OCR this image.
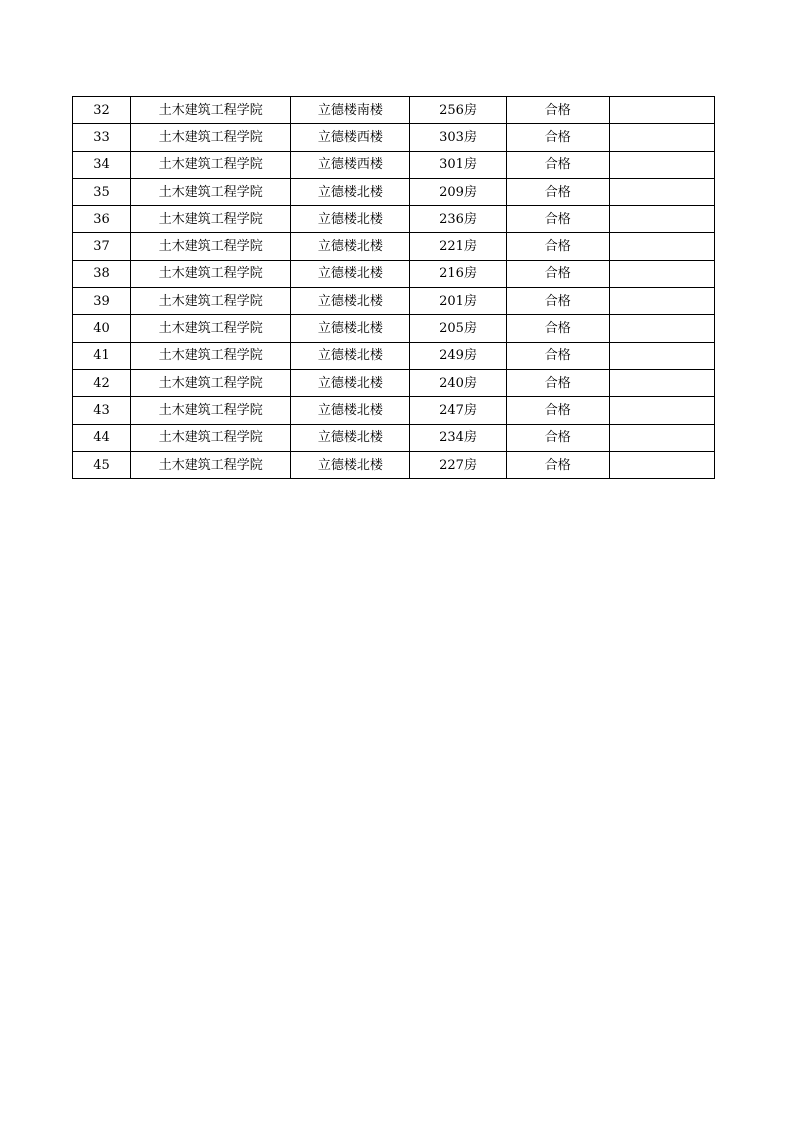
32	土木建筑工程学院	立德楼南楼	256房	合格	
33	土木建筑工程学院	立德楼西楼	303房	合格	
34	土木建筑工程学院	立德楼西楼	301房	合格	
35	土木建筑工程学院	立德楼北楼	209房	合格	
36	土木建筑工程学院	立德楼北楼	236房	合格	
37	土木建筑工程学院	立德楼北楼	221房	合格	
38	土木建筑工程学院	立德楼北楼	216房	合格	
39	土木建筑工程学院	立德楼北楼	201房	合格	
40	土木建筑工程学院	立德楼北楼	205房	合格	
41	土木建筑工程学院	立德楼北楼	249房	合格	
42	土木建筑工程学院	立德楼北楼	240房	合格	
43	土木建筑工程学院	立德楼北楼	247房	合格	
44	土木建筑工程学院	立德楼北楼	234房	合格	
45	土木建筑工程学院	立德楼北楼	227房	合格	
